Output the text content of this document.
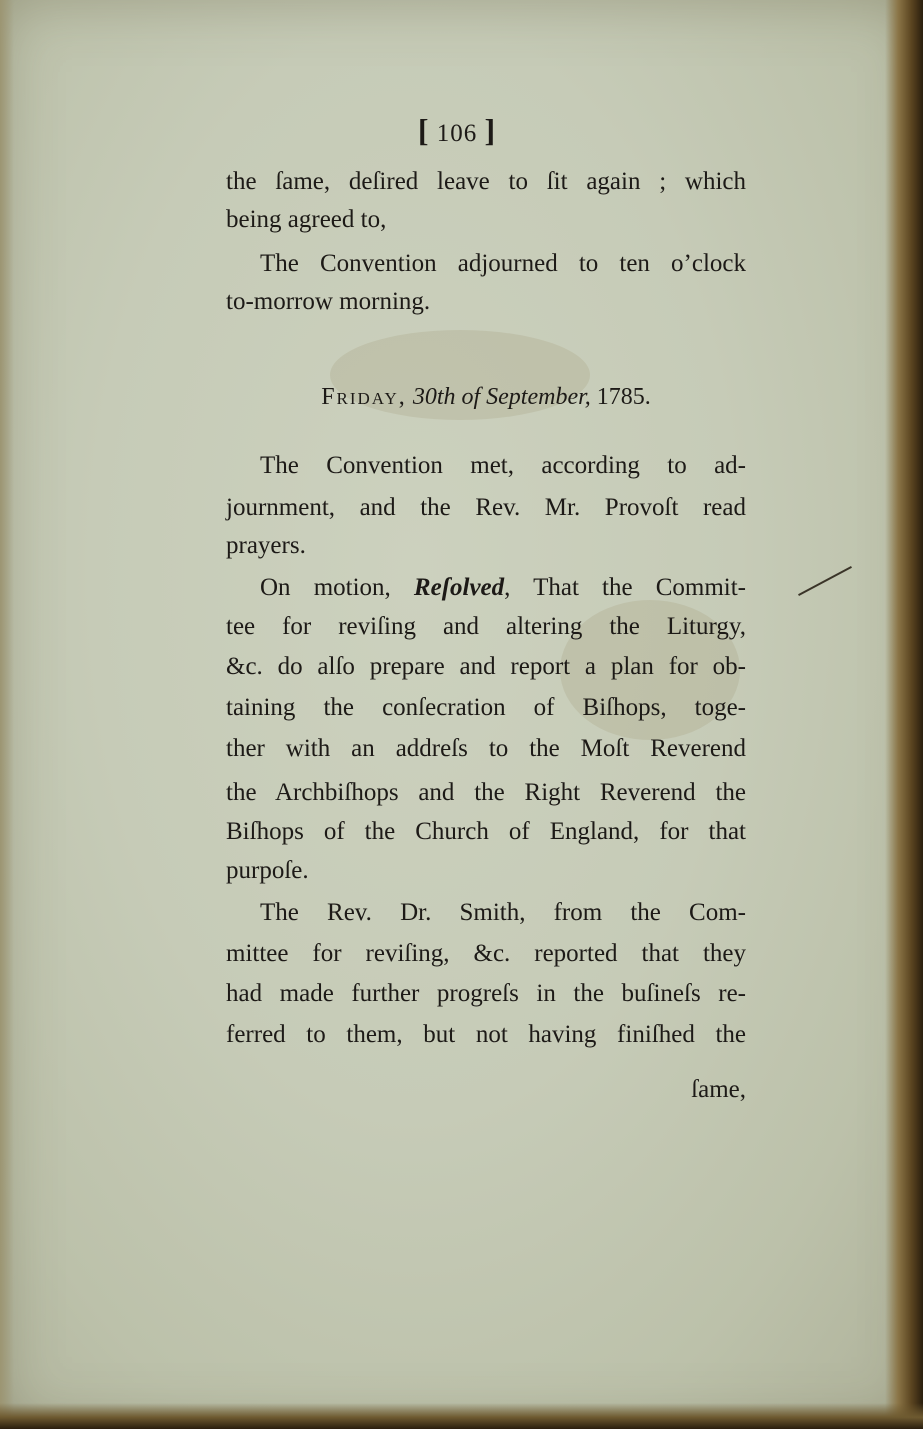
[ 106 ]
the ſame, deſired leave to ſit again ; which
being agreed to,
The Convention adjourned to ten o’clock
to-morrow morning.
Friday, 30th of September, 1785.
The Convention met, according to ad-
journment, and the Rev. Mr. Provoſt read
prayers.
On motion, Reſolved, That the Commit-
tee for reviſing and altering the Liturgy,
&c. do alſo prepare and report a plan for ob-
taining the conſecration of Biſhops, toge-
ther with an addreſs to the Moſt Reverend
the Archbiſhops and the Right Reverend the
Biſhops of the Church of England, for that
purpoſe.
The Rev. Dr. Smith, from the Com-
mittee for reviſing, &c. reported that they
had made further progreſs in the buſineſs re-
ferred to them, but not having finiſhed the
ſame,
